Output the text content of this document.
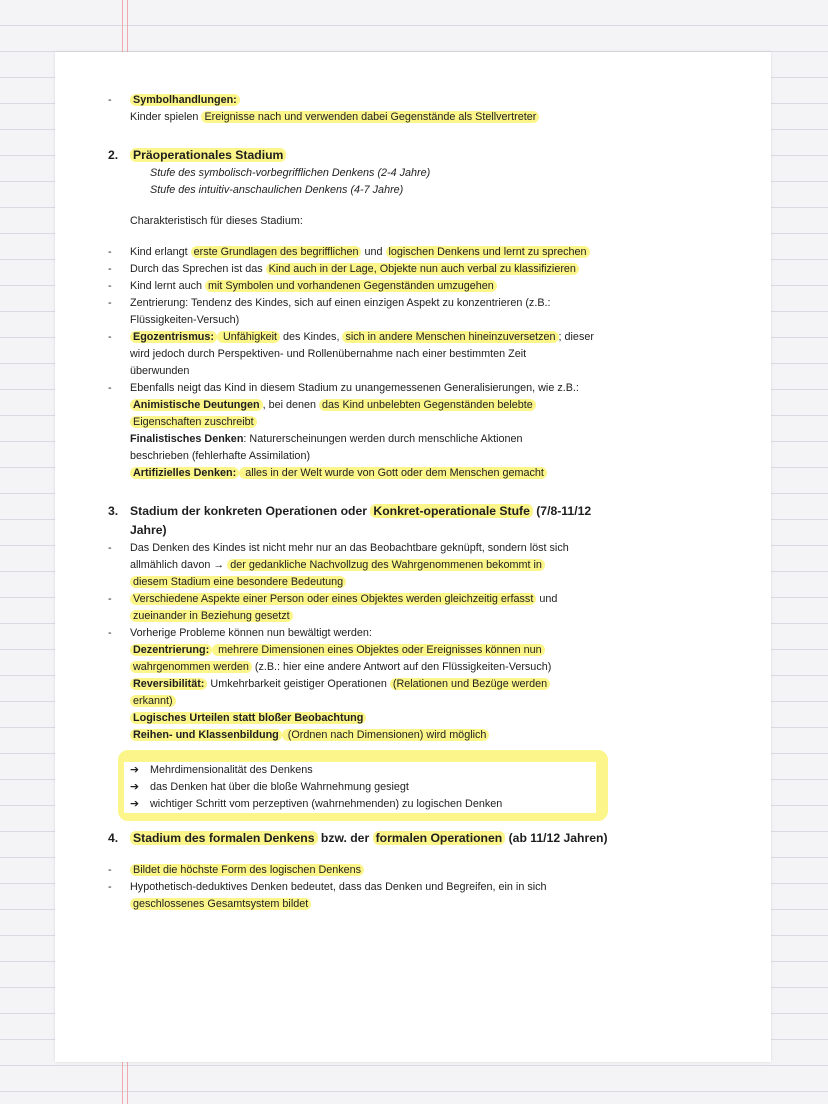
- Symbolhandlungen:
Kinder spielen Ereignisse nach und verwenden dabei Gegenstände als Stellvertreter
2. Präoperationales Stadium
Stufe des symbolisch-vorbegrifflichen Denkens (2-4 Jahre)
Stufe des intuitiv-anschaulichen Denkens (4-7 Jahre)
Charakteristisch für dieses Stadium:
- Kind erlangt erste Grundlagen des begrifflichen und logischen Denkens und lernt zu sprechen
- Durch das Sprechen ist das Kind auch in der Lage, Objekte nun auch verbal zu klassifizieren
- Kind lernt auch mit Symbolen und vorhandenen Gegenständen umzugehen
- Zentrierung: Tendenz des Kindes, sich auf einen einzigen Aspekt zu konzentrieren (z.B.:
Flüssigkeiten-Versuch)
- Egozentrismus: Unfähigkeit des Kindes, sich in andere Menschen hineinzuversetzen ; dieser
wird jedoch durch Perspektiven- und Rollenübernahme nach einer bestimmten Zeit
überwunden
- Ebenfalls neigt das Kind in diesem Stadium zu unangemessenen Generalisierungen, wie z.B.:
Animistische Deutungen , bei denen das Kind unbelebten Gegenständen belebte
Eigenschaften zuschreibt
Finalistisches Denken: Naturerscheinungen werden durch menschliche Aktionen
beschrieben (fehlerhafte Assimilation)
Artifizielles Denken: alles in der Welt wurde von Gott oder dem Menschen gemacht
3. Stadium der konkreten Operationen oder Konkret-operationale Stufe (7/8-11/12
Jahre)
- Das Denken des Kindes ist nicht mehr nur an das Beobachtbare geknüpft, sondern löst sich
allmählich davon → der gedankliche Nachvollzug des Wahrgenommenen bekommt in
diesem Stadium eine besondere Bedeutung
- Verschiedene Aspekte einer Person oder eines Objektes werden gleichzeitig erfasst und
zueinander in Beziehung gesetzt
- Vorherige Probleme können nun bewältigt werden:
Dezentrierung: mehrere Dimensionen eines Objektes oder Ereignisses können nun
wahrgenommen werden (z.B.: hier eine andere Antwort auf den Flüssigkeiten-Versuch)
Reversibilität: Umkehrbarkeit geistiger Operationen (Relationen und Bezüge werden
erkannt)
Logisches Urteilen statt bloßer Beobachtung
Reihen- und Klassenbildung (Ordnen nach Dimensionen) wird möglich
➔ Mehrdimensionalität des Denkens
➔ das Denken hat über die bloße Wahrnehmung gesiegt
➔ wichtiger Schritt vom perzeptiven (wahrnehmenden) zu logischen Denken
4. Stadium des formalen Denkens bzw. der formalen Operationen (ab 11/12 Jahren)
- Bildet die höchste Form des logischen Denkens
- Hypothetisch-deduktives Denken bedeutet, dass das Denken und Begreifen, ein in sich
geschlossenes Gesamtsystem bildet
